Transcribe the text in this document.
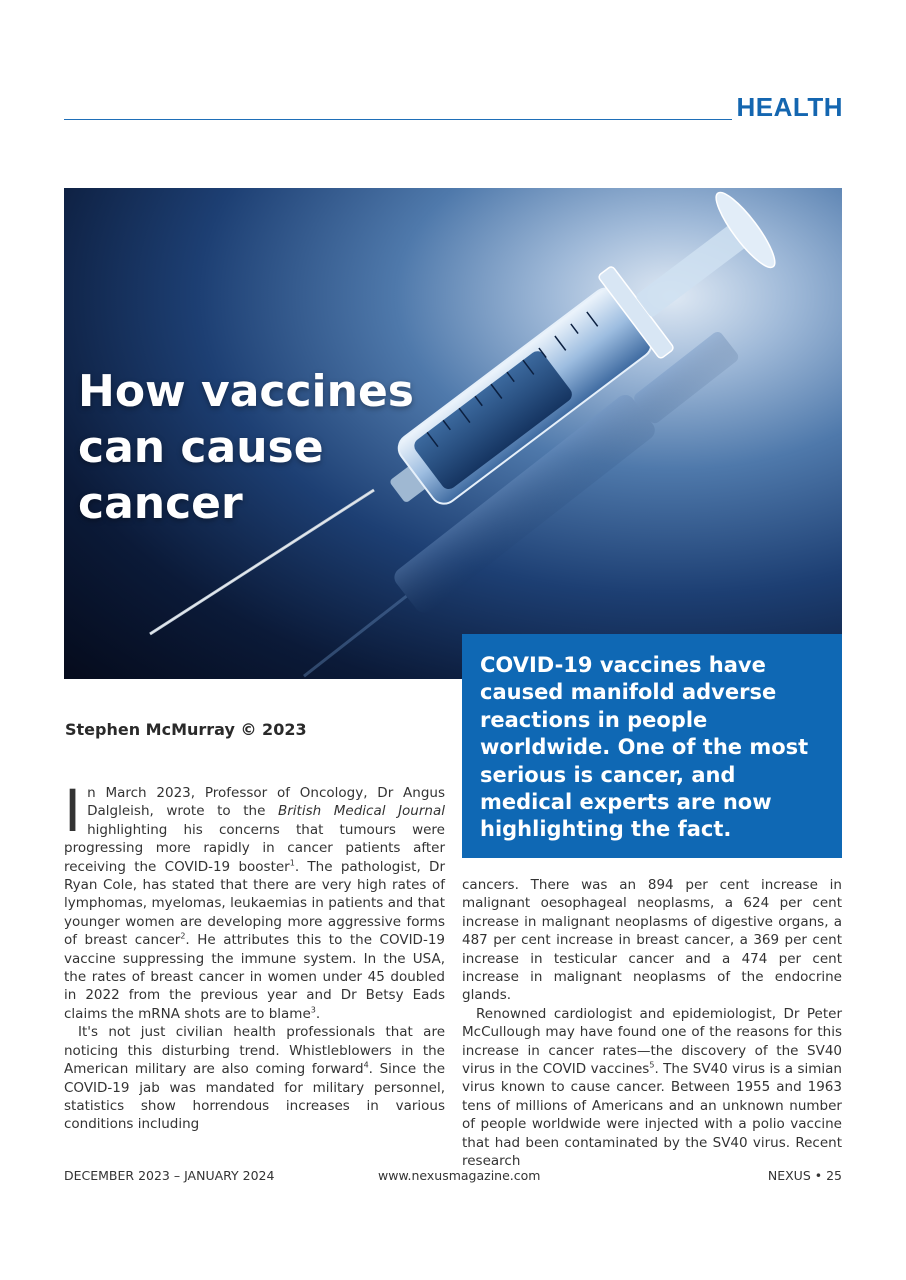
HEALTH
How vaccines can cause cancer

COVID-19 vaccines have caused manifold adverse reactions in people worldwide. One of the most serious is cancer, and medical experts are now highlighting the fact.

Stephen McMurray © 2023

In March 2023, Professor of Oncology, Dr Angus Dalgleish, wrote to the British Medical Journal highlighting his concerns that tumours were progressing more rapidly in cancer patients after receiving the COVID-19 booster$^1$. The pathologist, Dr Ryan Cole, has stated that there are very high rates of lymphomas, myelomas, leukaemias in patients and that younger women are developing more aggressive forms of breast cancer$^2$. He attributes this to the COVID-19 vaccine suppressing the immune system. In the USA, the rates of breast cancer in women under 45 doubled in 2022 from the previous year and Dr Betsy Eads claims the mRNA shots are to blame$^3$.

It's not just civilian health professionals that are noticing this disturbing trend. Whistleblowers in the American military are also coming forward$^4$. Since the COVID-19 jab was mandated for military personnel, statistics show horrendous increases in various conditions including

cancers. There was an 894 per cent increase in malignant oesophageal neoplasms, a 624 per cent increase in malignant neoplasms of digestive organs, a 487 per cent increase in breast cancer, a 369 per cent increase in testicular cancer and a 474 per cent increase in malignant neoplasms of the endocrine glands.

Renowned cardiologist and epidemiologist, Dr Peter McCullough may have found one of the reasons for this increase in cancer rates—the discovery of the SV40 virus in the COVID vaccines$^5$. The SV40 virus is a simian virus known to cause cancer. Between 1955 and 1963 tens of millions of Americans and an unknown number of people worldwide were injected with a polio vaccine that had been contaminated by the SV40 virus. Recent research

DECEMBER 2023 – JANUARY 2024	www.nexusmagazine.com	NEXUS • 25
